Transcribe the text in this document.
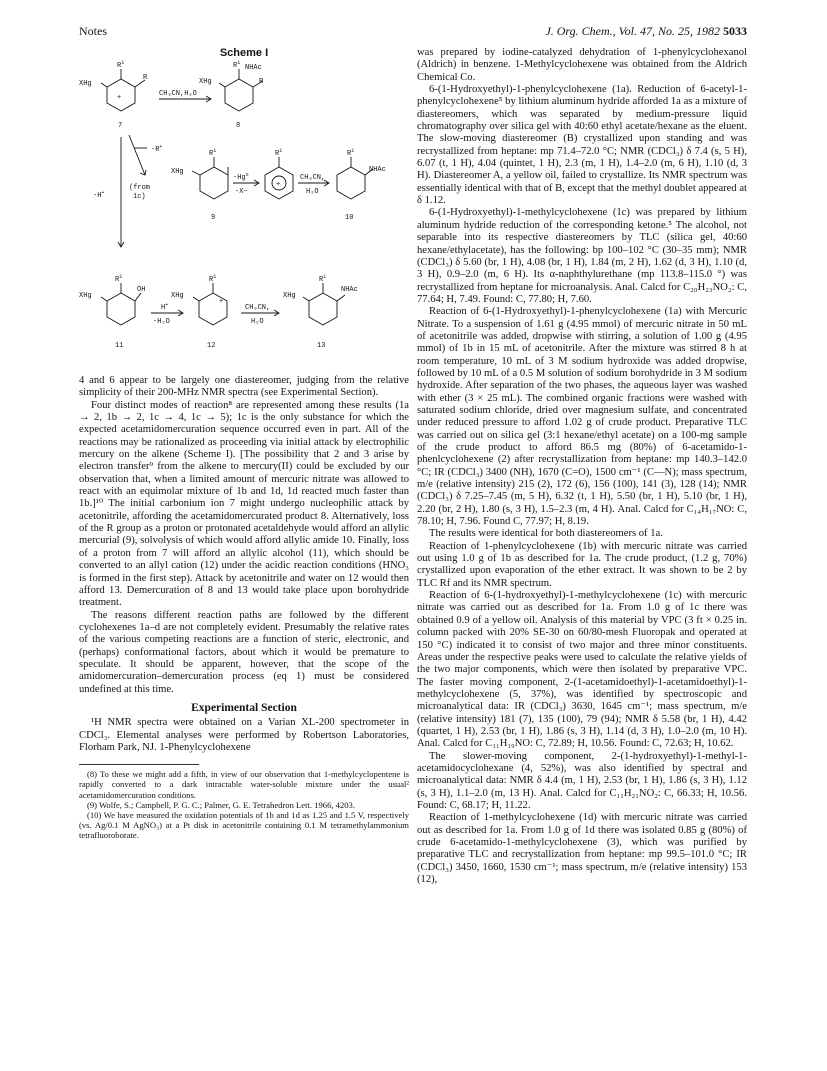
Notes	J. Org. Chem., Vol. 47, No. 25, 1982 5033
Scheme I
$R^1$
R
XHg
+	CH₃CN,H₂O
$R^1$
NHAc
R
XHg
7	8
-R+
-H+
(from
1c)
XHg
$R^1$
-Hg$^o$
-X−
$R^1$
+
CH₃CN,
H₂O
$R^1$
NHAc
9	10
$R^1$
OH
XHg
H+
-H₂O
XHg
$R^1$
+
CH₃CN,
H₂O
XHg
$R^1$
NHAc
11	12	13

4 and 6 appear to be largely one diastereomer, judging from the relative simplicity of their 200-MHz NMR spectra (see Experimental Section).

Four distinct modes of reaction⁸ are represented among these results (1a → 2, 1b → 2, 1c → 4, 1c → 5); 1c is the only substance for which the expected acetamidomercuration sequence occurred even in part. All of the reactions may be rationalized as proceeding via initial attack by electrophilic mercury on the alkene (Scheme I). [The possibility that 2 and 3 arise by electron transfer⁹ from the alkene to mercury(II) could be excluded by our observation that, when a limited amount of mercuric nitrate was allowed to react with an equimolar mixture of 1b and 1d, 1d reacted much faster than 1b.]¹⁰ The initial carbonium ion 7 might undergo nucleophilic attack by acetonitrile, affording the acetamidomercurated product 8. Alternatively, loss of the R group as a proton or protonated acetaldehyde would afford an allylic mercurial (9), solvolysis of which would afford allylic amide 10. Finally, loss of a proton from 7 will afford an allylic alcohol (11), which should be converted to an allyl cation (12) under the acidic reaction conditions (HNO₃ is formed in the first step). Attack by acetonitrile and water on 12 would then afford 13. Demercuration of 8 and 13 would take place upon borohydride treatment.

The reasons different reaction paths are followed by the different cyclohexenes 1a–d are not completely evident. Presumably the relative rates of the various competing reactions are a function of steric, electronic, and (perhaps) conformational factors, about which it would be premature to speculate. It should be apparent, however, that the scope of the amidomercuration–demercuration process (eq 1) must be considered undefined at this time.

Experimental Section

¹H NMR spectra were obtained on a Varian XL-200 spectrometer in CDCl₃. Elemental analyses were performed by Robertson Laboratories, Florham Park, NJ. 1-Phenylcyclohexene

(8) To these we might add a fifth, in view of our observation that 1-methylcyclopentene is rapidly converted to a dark intractable water-soluble mixture under the usual² acetamidomercuration conditions.
(9) Wolfe, S.; Campbell, P. G. C.; Palmer, G. E. Tetrahedron Lett. 1966, 4203.
(10) We have measured the oxidation potentials of 1b and 1d as 1.25 and 1.5 V, respectively (vs. Ag/0.1 M AgNO₃) at a Pt disk in acetonitrile containing 0.1 M tetramethylammonium tetrafluoroborate.

was prepared by iodine-catalyzed dehydration of 1-phenylcyclohexanol (Aldrich) in benzene. 1-Methylcyclohexene was obtained from the Aldrich Chemical Co.

6-(1-Hydroxyethyl)-1-phenylcyclohexene (1a). Reduction of 6-acetyl-1-phenylcyclohexene⁵ by lithium aluminum hydride afforded 1a as a mixture of diastereomers, which was separated by medium-pressure liquid chromatography over silica gel with 40:60 ethyl acetate/hexane as the eluent. The slow-moving diastereomer (B) crystallized upon standing and was recrystallized from heptane: mp 71.4–72.0 °C; NMR (CDCl₃) δ 7.4 (s, 5 H), 6.07 (t, 1 H), 4.04 (quintet, 1 H), 2.3 (m, 1 H), 1.4–2.0 (m, 6 H), 1.10 (d, 3 H). Diastereomer A, a yellow oil, failed to crystallize. Its NMR spectrum was essentially identical with that of B, except that the methyl doublet appeared at δ 1.12.

6-(1-Hydroxyethyl)-1-methylcyclohexene (1c) was prepared by lithium aluminum hydride reduction of the corresponding ketone.⁵ The alcohol, not separable into its respective diastereomers by TLC (silica gel, 40:60 hexane/ethylacetate), has the following: bp 100–102 °C (30–35 mm); NMR (CDCl₃) δ 5.60 (br, 1 H), 4.08 (br, 1 H), 1.84 (m, 2 H), 1.62 (d, 3 H), 1.10 (d, 3 H), 0.9–2.0 (m, 6 H). Its α-naphthylurethane (mp 113.8–115.0 °) was recrystallized from heptane for microanalysis. Anal. Calcd for C₂₀H₂₃NO₂: C, 77.64; H, 7.49. Found: C, 77.80; H, 7.60.

Reaction of 6-(1-Hydroxyethyl)-1-phenylcyclohexene (1a) with Mercuric Nitrate. To a suspension of 1.61 g (4.95 mmol) of mercuric nitrate in 50 mL of acetonitrile was added, dropwise with stirring, a solution of 1.00 g (4.95 mmol) of 1b in 15 mL of acetonitrile. After the mixture was stirred 8 h at room temperature, 10 mL of 3 M sodium hydroxide was added dropwise, followed by 10 mL of a 0.5 M solution of sodium borohydride in 3 M sodium hydroxide. After separation of the two phases, the aqueous layer was washed with ether (3 × 25 mL). The combined organic fractions were washed with saturated sodium chloride, dried over magnesium sulfate, and concentrated under reduced pressure to afford 1.02 g of crude product. Preparative TLC was carried out on silica gel (3:1 hexane/ethyl acetate) on a 100-mg sample of the crude product to afford 86.5 mg (80%) of 6-acetamido-1-phenlcyclohexene (2) after recrystallization from heptane: mp 140.3–142.0 °C; IR (CDCl₃) 3400 (NH), 1670 (C=O), 1500 cm⁻¹ (C—N); mass spectrum, m/e (relative intensity) 215 (2), 172 (6), 156 (100), 141 (3), 128 (14); NMR (CDCl₃) δ 7.25–7.45 (m, 5 H), 6.32 (t, 1 H), 5.50 (br, 1 H), 5.10 (br, 1 H), 2.20 (br, 2 H), 1.80 (s, 3 H), 1.5–2.3 (m, 4 H). Anal. Calcd for C₁₄H₁₇NO: C, 78.10; H, 7.96. Found C, 77.97; H, 8.19.

The results were identical for both diastereomers of 1a.

Reaction of 1-phenylcyclohexene (1b) with mercuric nitrate was carried out using 1.0 g of 1b as described for 1a. The crude product, (1.2 g, 70%) crystallized upon evaporation of the ether extract. It was shown to be 2 by TLC Rf and its NMR spectrum.

Reaction of 6-(1-hydroxyethyl)-1-methylcyclohexene (1c) with mercuric nitrate was carried out as described for 1a. From 1.0 g of 1c there was obtained 0.9 of a yellow oil. Analysis of this material by VPC (3 ft × 0.25 in. column packed with 20% SE-30 on 60/80-mesh Fluoropak and operated at 150 °C) indicated it to consist of two major and three minor constituents. Areas under the respective peaks were used to calculate the relative yields of the two major components, which were then isolated by preparative VPC. The faster moving component, 2-(1-acetamidoethyl)-1-acetamidoethyl)-1-methylcyclohexene (5, 37%), was identified by spectroscopic and microanalytical data: IR (CDCl₃) 3630, 1645 cm⁻¹; mass spectrum, m/e (relative intensity) 181 (7), 135 (100), 79 (94); NMR δ 5.58 (br, 1 H), 4.42 (quartet, 1 H), 2.53 (br, 1 H), 1.86 (s, 3 H), 1.14 (d, 3 H), 1.0–2.0 (m, 10 H). Anal. Calcd for C₁₁H₁₉NO: C, 72.89; H, 10.56. Found: C, 72.63; H, 10.62.

The slower-moving component, 2-(1-hydroxyethyl)-1-methyl-1-acetamidocyclohexane (4, 52%), was also identified by spectral and microanalytical data: NMR δ 4.4 (m, 1 H), 2.53 (br, 1 H), 1.86 (s, 3 H), 1.12 (s, 3 H), 1.1–2.0 (m, 13 H). Anal. Calcd for C₁₁H₂₁NO₂: C, 66.33; H, 10.56. Found: C, 68.17; H, 11.22.

Reaction of 1-methylcyclohexene (1d) with mercuric nitrate was carried out as described for 1a. From 1.0 g of 1d there was isolated 0.85 g (80%) of crude 6-acetamido-1-methylcyclohexene (3), which was purified by preparative TLC and recrystallization from heptane: mp 99.5–101.0 °C; IR (CDCl₃) 3450, 1660, 1530 cm⁻¹; mass spectrum, m/e (relative intensity) 153 (12),
